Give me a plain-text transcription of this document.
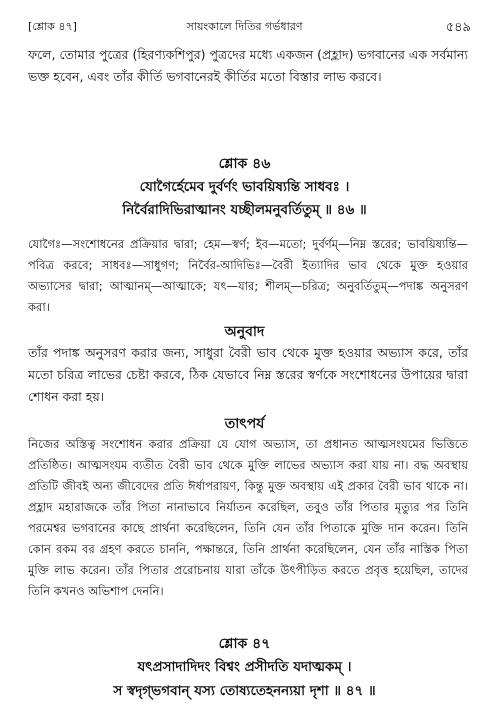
[শ্লোক ৪৭]	সায়ংকালে দিতির গর্ভধারণ	৫৪৯
ফলে, তোমার পুত্রের (হিরণ্যকশিপুর) পুত্রদের মধ্যে একজন (প্রহ্লাদ) ভগবানের এক সর্বমান্য ভক্ত হবেন, এবং তাঁর কীর্তি ভগবানেরই কীর্তির মতো বিস্তার লাভ করবে।
শ্লোক ৪৬
যোগৈর্হেমেব দুর্বর্ণং ভাবয়িষ্যন্তি সাধবঃ ।
নির্বৈরাদিভিরাত্মানং যচ্ছীলমনুবর্তিতুম্‌ ॥ ৪৬ ॥
যোগৈঃ—সংশোধনের প্রক্রিয়ার দ্বারা; হেম—স্বর্ণ; ইব—মতো; দুর্বর্ণম্‌—নিম্ন স্তরের; ভাবয়িষ্যন্তি—পবিত্র করবে; সাধবঃ—সাধুগণ; নির্বৈর-আদিভিঃ—বৈরী ইত্যাদির ভাব থেকে মুক্ত হওয়ার অভ্যাসের দ্বারা; আত্মানম্‌—আত্মাকে; যৎ—যার; শীলম্‌—চরিত্র; অনুবর্তিতুম্‌—পদাঙ্ক অনুসরণ করা।
অনুবাদ
তাঁর পদাঙ্ক অনুসরণ করার জন্য, সাধুরা বৈরী ভাব থেকে মুক্ত হওয়ার অভ্যাস করে, তাঁর মতো চরিত্র লাভের চেষ্টা করবে, ঠিক যেভাবে নিম্ন স্তরের স্বর্ণকে সংশোধনের উপায়ের দ্বারা শোধন করা হয়।
তাৎপর্য
নিজের অস্তিত্ব সংশোধন করার প্রক্রিয়া যে যোগ অভ্যাস, তা প্রধানত আত্মসংযমের ভিত্তিতে প্রতিষ্ঠিত। আত্মসংযম ব্যতীত বৈরী ভাব থেকে মুক্তি লাভের অভ্যাস করা যায় না। বদ্ধ অবস্থায় প্রতিটি জীবই অন্য জীবেদের প্রতি ঈর্ষাপরায়ণ, কিন্তু মুক্ত অবস্থায় এই প্রকার বৈরী ভাব থাকে না। প্রহ্লাদ মহারাজকে তাঁর পিতা নানাভাবে নির্যাতন করেছিল, তবুও তাঁর পিতার মৃত্যুর পর তিনি পরমেশ্বর ভগবানের কাছে প্রার্থনা করেছিলেন, তিনি যেন তাঁর পিতাকে মুক্তি দান করেন। তিনি কোন রকম বর গ্রহণ করতে চাননি, পক্ষান্তরে, তিনি প্রার্থনা করেছিলেন, যেন তাঁর নাস্তিক পিতা মুক্তি লাভ করেন। তাঁর পিতার প্ররোচনায় যারা তাঁকে উৎপীড়িত করতে প্রবৃত্ত হয়েছিল, তাদের তিনি কখনও অভিশাপ দেননি।
শ্লোক ৪৭
যৎপ্রসাদাদিদং বিশ্বং প্রসীদতি যদাত্মকম্‌ ।
স স্বদৃগ্ভগবান্‌ যস্য তোষ্যতেহনন্যয়া দৃশা ॥ ৪৭ ॥
